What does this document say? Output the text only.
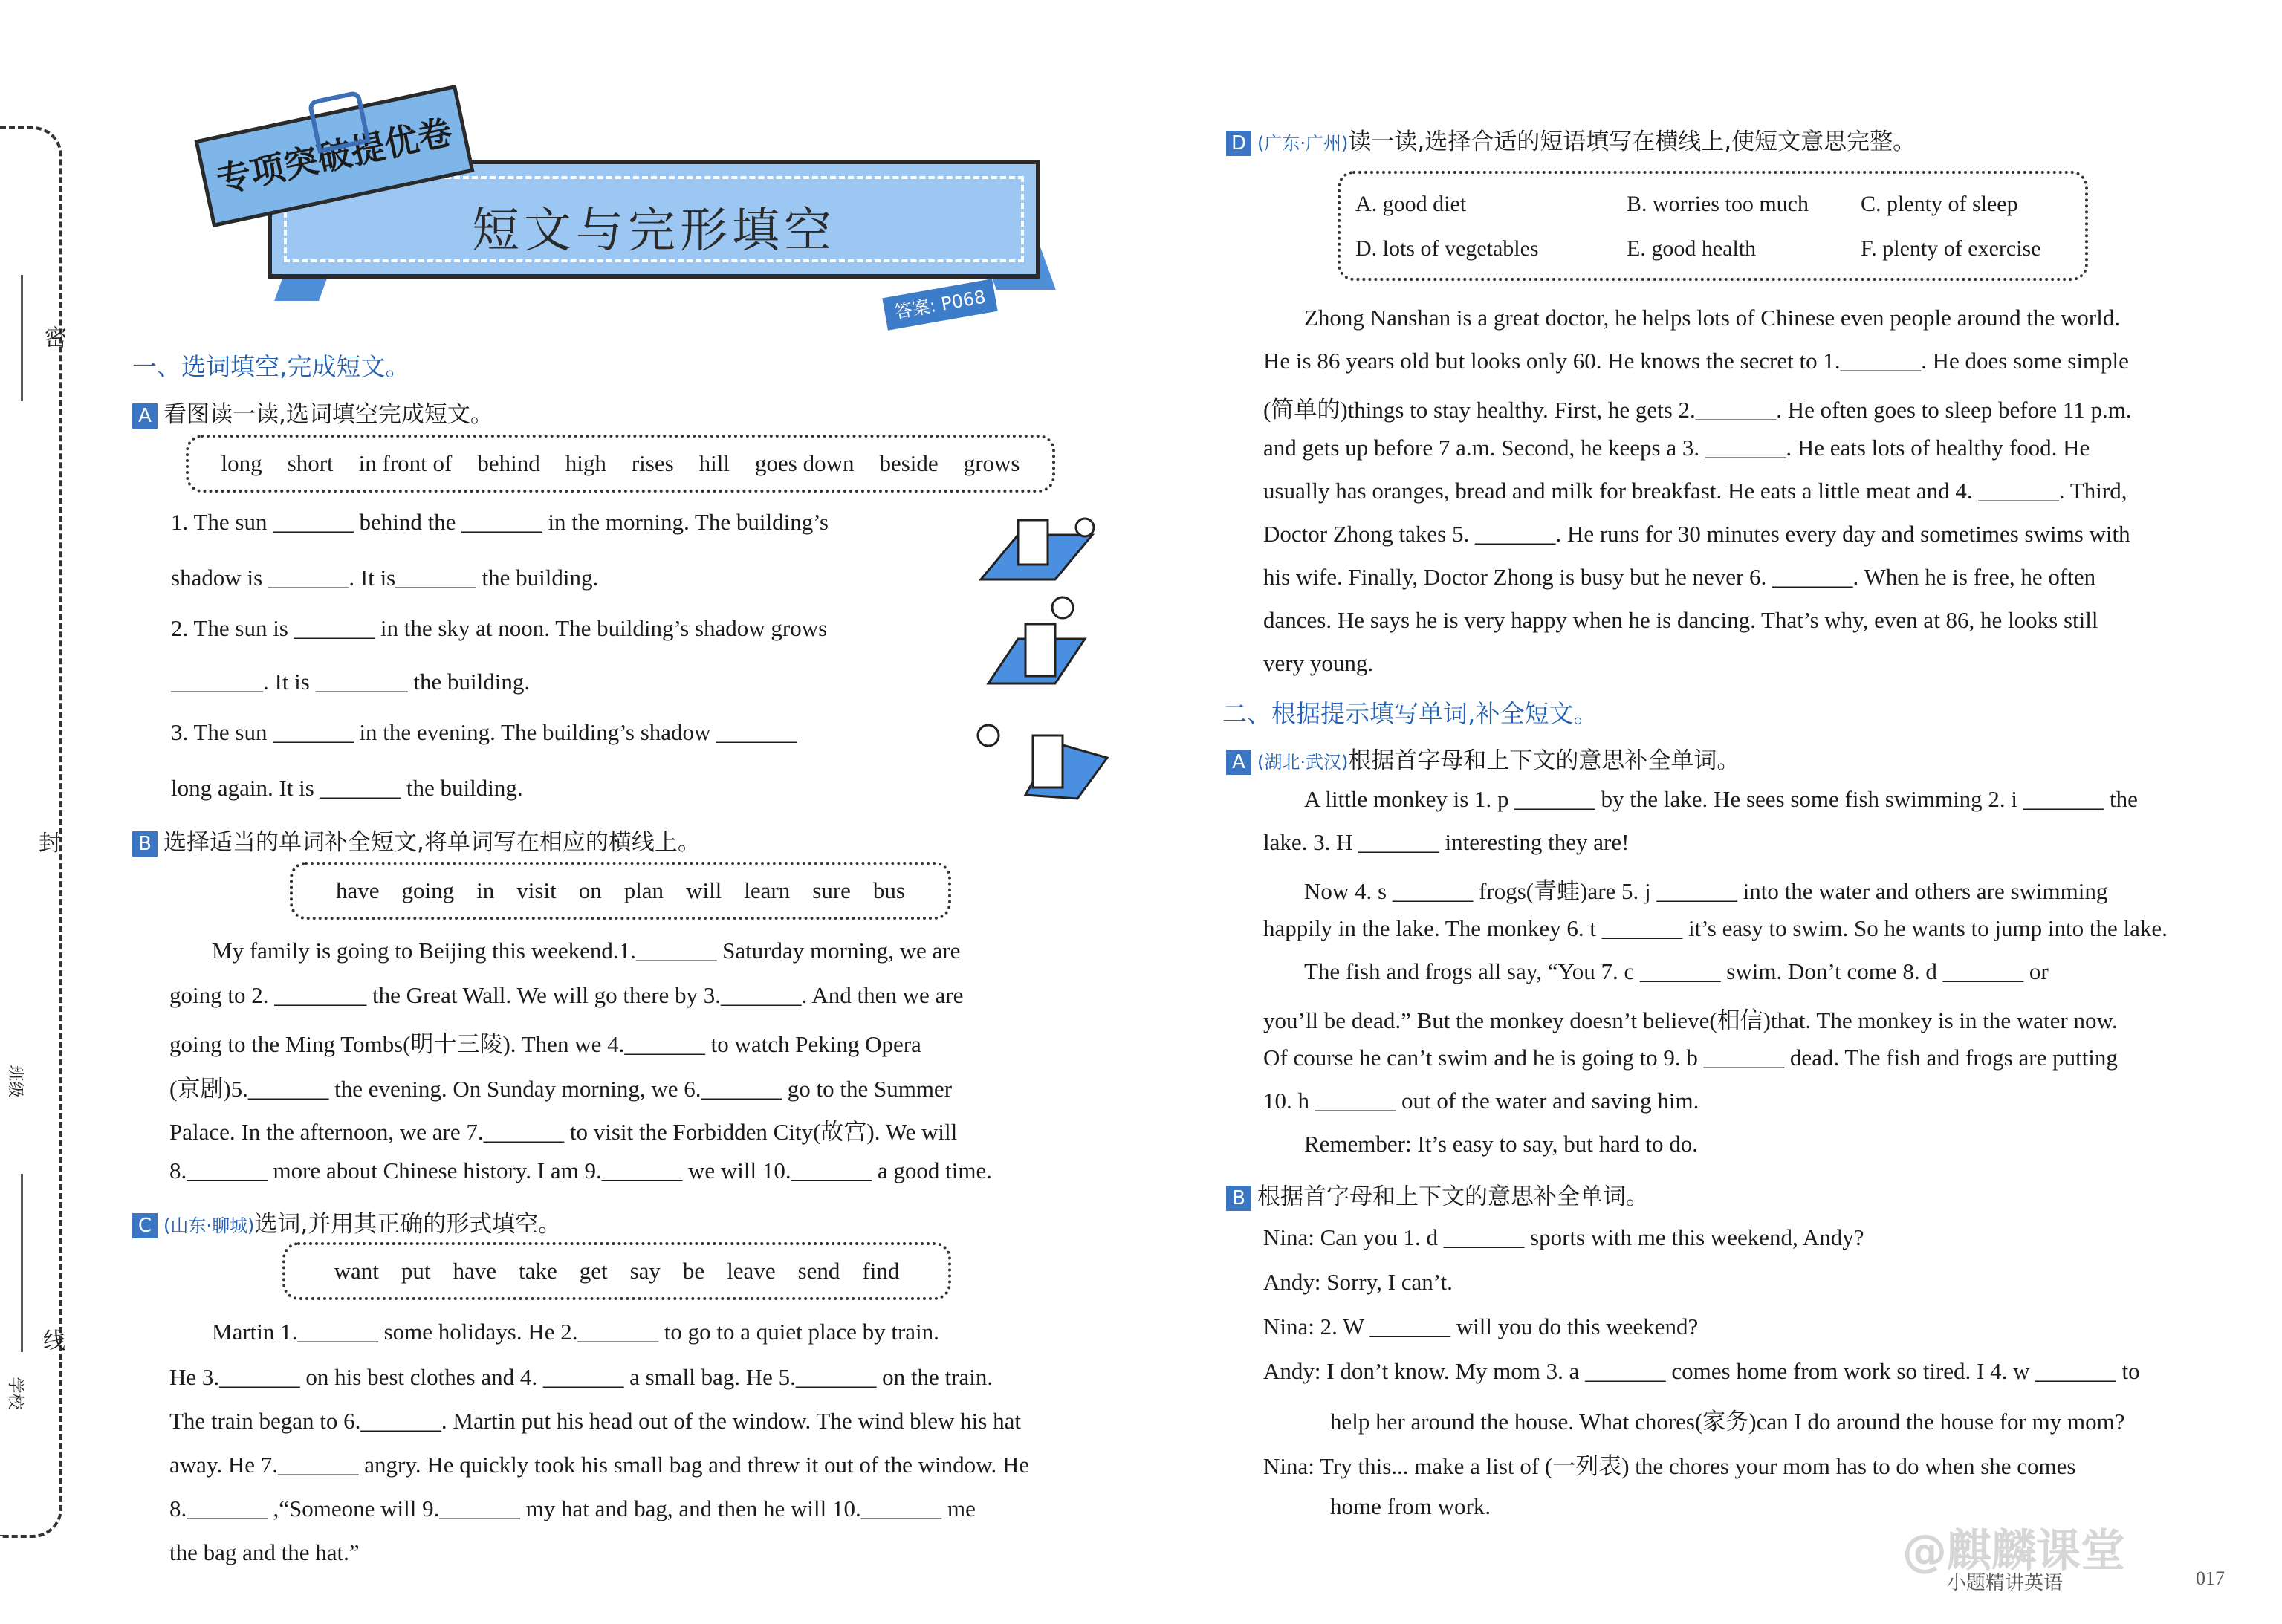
密
封
线
班级
学校
短文与完形填空
专项突破提优卷
答案: P068
一、选词填空,完成短文。
A 看图读一读,选词填空完成短文。
long short in front of behind high rises hill goes down beside grows
1. The sun _______ behind the _______ in the morning. The building’s
shadow is _______. It is_______ the building.
2. The sun is _______ in the sky at noon. The building’s shadow grows
________. It is ________ the building.
3. The sun _______ in the evening. The building’s shadow _______
long again. It is _______ the building.
B 选择适当的单词补全短文,将单词写在相应的横线上。
have going in visit on plan will learn sure bus
My family is going to Beijing this weekend.1._______ Saturday morning, we are
going to 2. ________ the Great Wall. We will go there by 3._______. And then we are
going to the Ming Tombs(明十三陵). Then we 4._______ to watch Peking Opera
(京剧)5._______ the evening. On Sunday morning, we 6._______ go to the Summer
Palace. In the afternoon, we are 7._______ to visit the Forbidden City(故宫). We will
8._______ more about Chinese history. I am 9._______ we will 10._______ a good time.
C (山东·聊城)选词,并用其正确的形式填空。
want put have take get say be leave send find
Martin 1._______ some holidays. He 2._______ to go to a quiet place by train.
He 3._______ on his best clothes and 4. _______ a small bag. He 5._______ on the train.
The train began to 6._______. Martin put his head out of the window. The wind blew his hat
away. He 7._______ angry. He quickly took his small bag and threw it out of the window. He
8._______ ,“Someone will 9._______ my hat and bag, and then he will 10._______ me
the bag and the hat.”
D (广东·广州)读一读,选择合适的短语填写在横线上,使短文意思完整。
A. good diet	B. worries too much C. plenty of sleep
D. lots of vegetables	E. good health	F. plenty of exercise
Zhong Nanshan is a great doctor, he helps lots of Chinese even people around the world.
He is 86 years old but looks only 60. He knows the secret to 1._______. He does some simple
(简单的)things to stay healthy. First, he gets 2._______. He often goes to sleep before 11 p.m.
and gets up before 7 a.m. Second, he keeps a 3. _______. He eats lots of healthy food. He
usually has oranges, bread and milk for breakfast. He eats a little meat and 4. _______. Third,
Doctor Zhong takes 5. _______. He runs for 30 minutes every day and sometimes swims with
his wife. Finally, Doctor Zhong is busy but he never 6. _______. When he is free, he often
dances. He says he is very happy when he is dancing. That’s why, even at 86, he looks still
very young.
二、根据提示填写单词,补全短文。
A (湖北·武汉)根据首字母和上下文的意思补全单词。
A little monkey is 1. p _______ by the lake. He sees some fish swimming 2. i _______ the
lake. 3. H _______ interesting they are!
Now 4. s _______ frogs(青蛙)are 5. j _______ into the water and others are swimming
happily in the lake. The monkey 6. t _______ it’s easy to swim. So he wants to jump into the lake.
The fish and frogs all say, “You 7. c _______ swim. Don’t come 8. d _______ or
you’ll be dead.” But the monkey doesn’t believe(相信)that. The monkey is in the water now.
Of course he can’t swim and he is going to 9. b _______ dead. The fish and frogs are putting
10. h _______ out of the water and saving him.
Remember: It’s easy to say, but hard to do.
B 根据首字母和上下文的意思补全单词。
Nina: Can you 1. d _______ sports with me this weekend, Andy?
Andy: Sorry, I can’t.
Nina: 2. W _______ will you do this weekend?
Andy: I don’t know. My mom 3. a _______ comes home from work so tired. I 4. w _______ to
help her around the house. What chores(家务)can I do around the house for my mom?
Nina: Try this... make a list of (一列表) the chores your mom has to do when she comes
home from work.
小题精讲英语	017
@麒麟课堂
